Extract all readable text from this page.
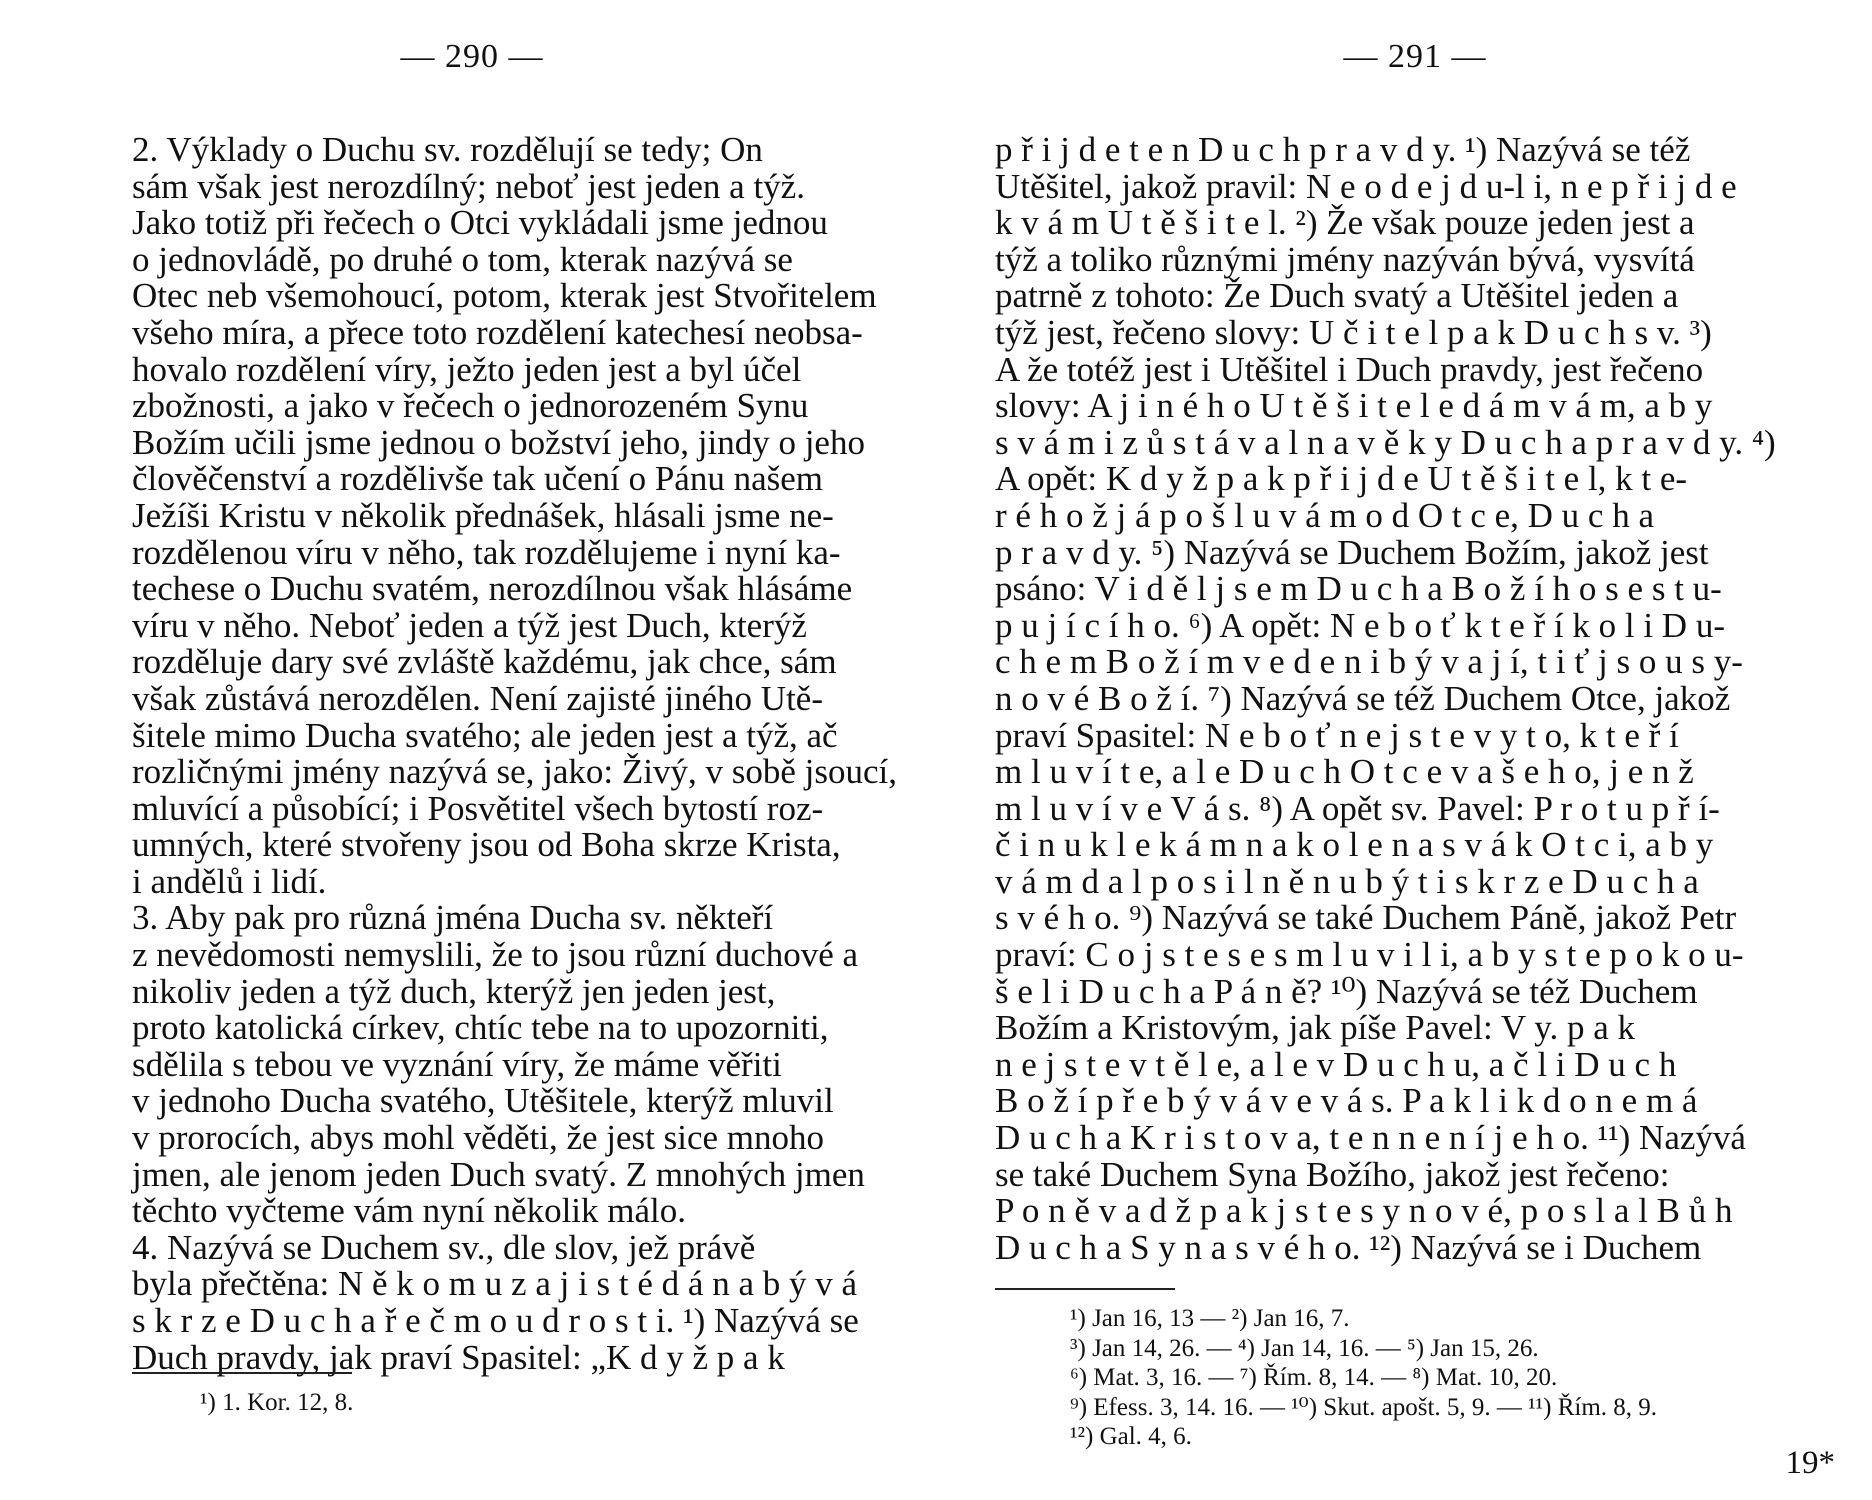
— 290 —
2. Výklady o Duchu sv. rozdělují se tedy; On
sám však jest nerozdílný; neboť jest jeden a týž.
Jako totiž při řečech o Otci vykládali jsme jednou
o jednovládě, po druhé o tom, kterak nazývá se
Otec neb všemohoucí, potom, kterak jest Stvořitelem
všeho míra, a přece toto rozdělení katechesí neobsa-
hovalo rozdělení víry, ježto jeden jest a byl účel
zbožnosti, a jako v řečech o jednorozeném Synu
Božím učili jsme jednou o božství jeho, jindy o jeho
člověčenství a rozdělivše tak učení o Pánu našem
Ježíši Kristu v několik přednášek, hlásali jsme ne-
rozdělenou víru v něho, tak rozdělujeme i nyní ka-
techese o Duchu svatém, nerozdílnou však hlásáme
víru v něho. Neboť jeden a týž jest Duch, kterýž
rozděluje dary své zvláště každému, jak chce, sám
však zůstává nerozdělen. Není zajisté jiného Utě-
šitele mimo Ducha svatého; ale jeden jest a týž, ač
rozličnými jmény nazývá se, jako: Živý, v sobě jsoucí,
mluvící a působící; i Posvětitel všech bytostí roz-
umných, které stvořeny jsou od Boha skrze Krista,
i andělů i lidí.
3. Aby pak pro různá jména Ducha sv. někteří
z nevědomosti nemyslili, že to jsou různí duchové a
nikoliv jeden a týž duch, kterýž jen jeden jest,
proto katolická církev, chtíc tebe na to upozorniti,
sdělila s tebou ve vyznání víry, že máme věřiti
v jednoho Ducha svatého, Utěšitele, kterýž mluvil
v prorocích, abys mohl věděti, že jest sice mnoho
jmen, ale jenom jeden Duch svatý. Z mnohých jmen
těchto vyčteme vám nyní několik málo.
4. Nazývá se Duchem sv., dle slov, jež právě
byla přečtěna: N ě k o m u z a j i s t é d á n a b ý v á
s k r z e D u c h a ř e č m o u d r o s t i. ¹) Nazývá se
Duch pravdy, jak praví Spasitel: „K d y ž p a k
¹) 1. Kor. 12, 8.
— 291 —
p ř i j d e t e n D u c h p r a v d y. ¹) Nazývá se též
Utěšitel, jakož pravil: N e o d e j d u-l i, n e p ř i j d e
k v á m U t ě š i t e l. ²) Že však pouze jeden jest a
týž a toliko různými jmény nazýván bývá, vysvítá
patrně z tohoto: Že Duch svatý a Utěšitel jeden a
týž jest, řečeno slovy: U č i t e l p a k D u c h s v. ³)
A že totéž jest i Utěšitel i Duch pravdy, jest řečeno
slovy: A j i n é h o U t ě š i t e l e d á m v á m, a b y
s v á m i z ů s t á v a l n a v ě k y D u c h a p r a v d y. ⁴)
A opět: K d y ž p a k p ř i j d e U t ě š i t e l, k t e-
r é h o ž j á p o š l u v á m o d O t c e, D u c h a
p r a v d y. ⁵) Nazývá se Duchem Božím, jakož jest
psáno: V i d ě l j s e m D u c h a B o ž í h o s e s t u-
p u j í c í h o. ⁶) A opět: N e b o ť k t e ř í k o l i D u-
c h e m B o ž í m v e d e n i b ý v a j í, t i ť j s o u s y-
n o v é B o ž í. ⁷) Nazývá se též Duchem Otce, jakož
praví Spasitel: N e b o ť n e j s t e v y t o, k t e ř í
m l u v í t e, a l e D u c h O t c e v a š e h o, j e n ž
m l u v í v e V á s. ⁸) A opět sv. Pavel: P r o t u p ř í-
č i n u k l e k á m n a k o l e n a s v á k O t c i, a b y
v á m d a l p o s i l n ě n u b ý t i s k r z e D u c h a
s v é h o. ⁹) Nazývá se také Duchem Páně, jakož Petr
praví: C o j s t e s e s m l u v i l i, a b y s t e p o k o u-
š e l i D u c h a P á n ě? ¹⁰) Nazývá se též Duchem
Božím a Kristovým, jak píše Pavel: V y. p a k
n e j s t e v t ě l e, a l e v D u c h u, a č l i D u c h
B o ž í p ř e b ý v á v e v á s. P a k l i k d o n e m á
D u c h a K r i s t o v a, t e n n e n í j e h o. ¹¹) Nazývá
se také Duchem Syna Božího, jakož jest řečeno:
P o n ě v a d ž p a k j s t e s y n o v é, p o s l a l B ů h
D u c h a S y n a s v é h o. ¹²) Nazývá se i Duchem
¹) Jan 16, 13 — ²) Jan 16, 7.
³) Jan 14, 26. — ⁴) Jan 14, 16. — ⁵) Jan 15, 26.
⁶) Mat. 3, 16. — ⁷) Řím. 8, 14. — ⁸) Mat. 10, 20.
⁹) Efess. 3, 14. 16. — ¹⁰) Skut. apošt. 5, 9. — ¹¹) Řím. 8, 9.
¹²) Gal. 4, 6.
19*
